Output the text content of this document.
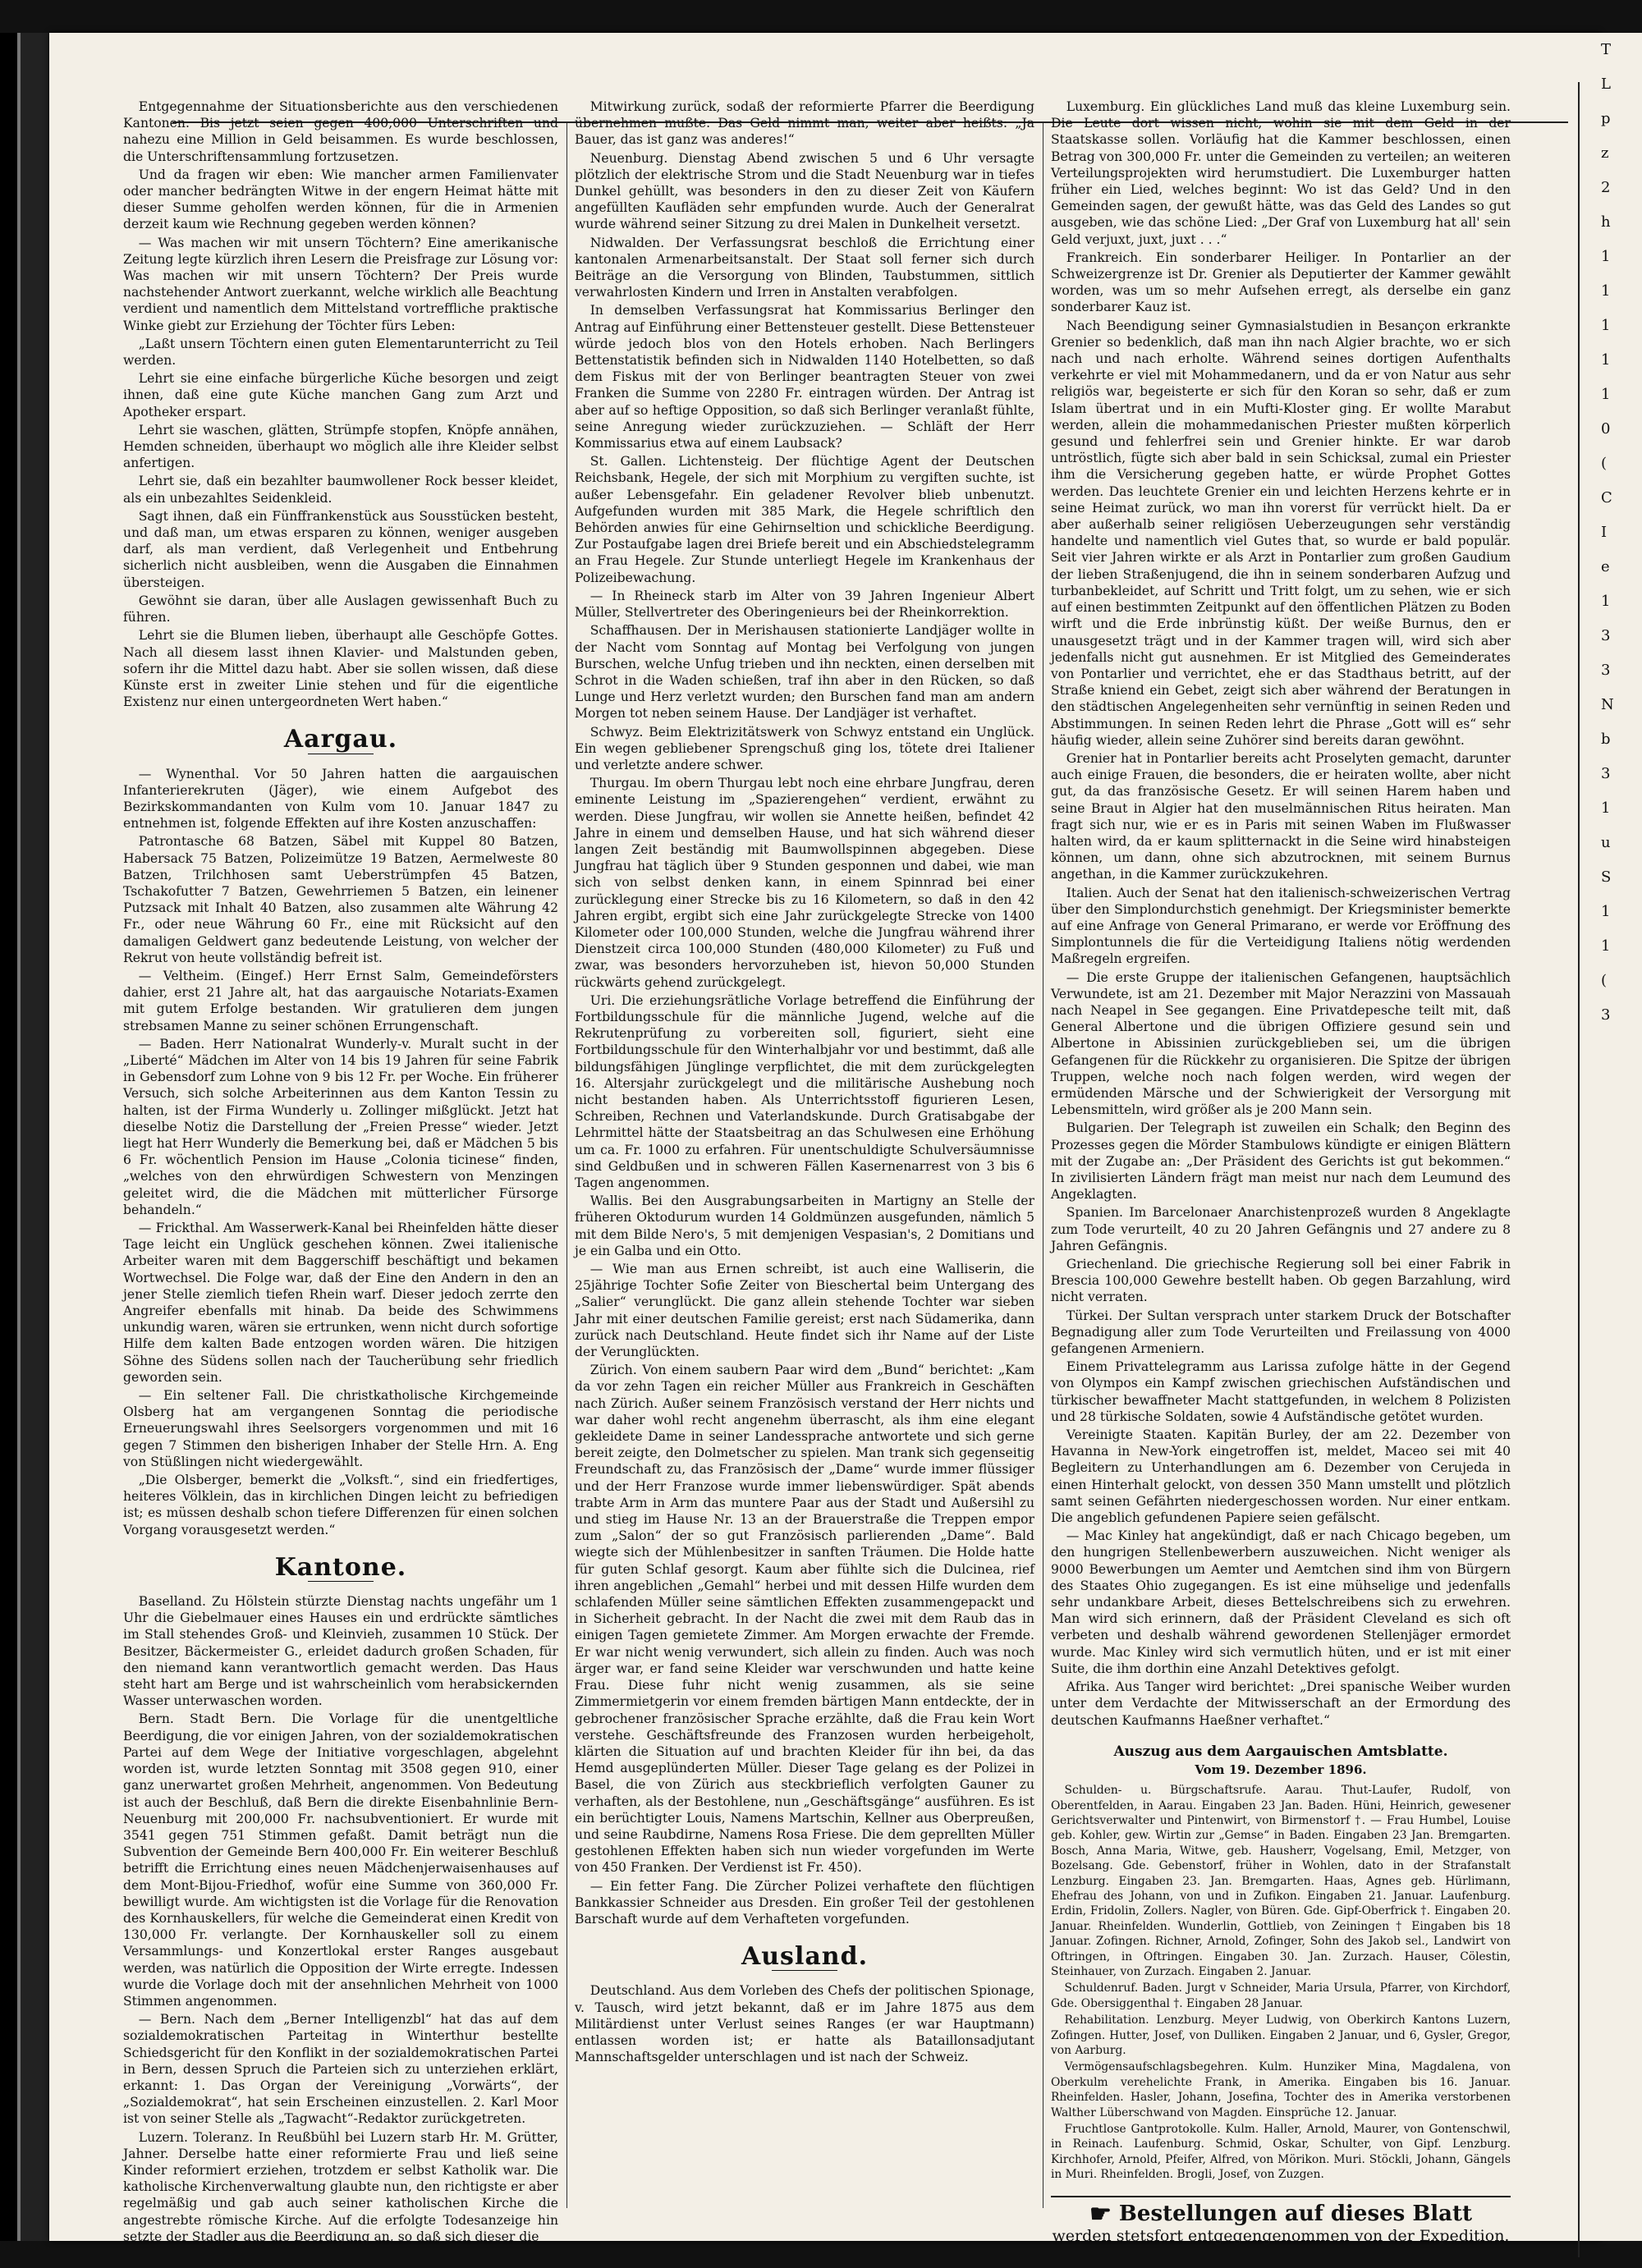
Entgegennahme der Situationsberichte aus den verschiedenen Kantonen. Bis jetzt seien gegen 400,000 Unterschriften und nahezu eine Million in Geld beisammen. Es wurde beschlossen, die Unterschriftensammlung fortzusetzen.

Und da fragen wir eben: Wie mancher armen Familienvater oder mancher bedrängten Witwe in der engern Heimat hätte mit dieser Summe geholfen werden können, für die in Armenien derzeit kaum wie Rechnung gegeben werden können?

— Was machen wir mit unsern Töchtern? Eine amerikanische Zeitung legte kürzlich ihren Lesern die Preisfrage zur Lösung vor: Was machen wir mit unsern Töchtern? Der Preis wurde nachstehender Antwort zuerkannt, welche wirklich alle Beachtung verdient und namentlich dem Mittelstand vortreffliche praktische Winke giebt zur Erziehung der Töchter fürs Leben:

„Laßt unsern Töchtern einen guten Elementarunterricht zu Teil werden.

Lehrt sie eine einfache bürgerliche Küche besorgen und zeigt ihnen, daß eine gute Küche manchen Gang zum Arzt und Apotheker erspart.

Lehrt sie waschen, glätten, Strümpfe stopfen, Knöpfe annähen, Hemden schneiden, überhaupt wo möglich alle ihre Kleider selbst anfertigen.

Lehrt sie, daß ein bezahlter baumwollener Rock besser kleidet, als ein unbezahltes Seidenkleid.

Sagt ihnen, daß ein Fünffrankenstück aus Sousstücken besteht, und daß man, um etwas ersparen zu können, weniger ausgeben darf, als man verdient, daß Verlegenheit und Entbehrung sicherlich nicht ausbleiben, wenn die Ausgaben die Einnahmen übersteigen.

Gewöhnt sie daran, über alle Auslagen gewissenhaft Buch zu führen.

Lehrt sie die Blumen lieben, überhaupt alle Geschöpfe Gottes. Nach all diesem lasst ihnen Klavier- und Malstunden geben, sofern ihr die Mittel dazu habt. Aber sie sollen wissen, daß diese Künste erst in zweiter Linie stehen und für die eigentliche Existenz nur einen untergeordneten Wert haben.“

Aargau.

— Wynenthal. Vor 50 Jahren hatten die aargauischen Infanterierekruten (Jäger), wie einem Aufgebot des Bezirkskommandanten von Kulm vom 10. Januar 1847 zu entnehmen ist, folgende Effekten auf ihre Kosten anzuschaffen:

Patrontasche 68 Batzen, Säbel mit Kuppel 80 Batzen, Habersack 75 Batzen, Polizeimütze 19 Batzen, Aermelweste 80 Batzen, Trilchhosen samt Ueberstrümpfen 45 Batzen, Tschakofutter 7 Batzen, Gewehrriemen 5 Batzen, ein leinener Putzsack mit Inhalt 40 Batzen, also zusammen alte Währung 42 Fr., oder neue Währung 60 Fr., eine mit Rücksicht auf den damaligen Geldwert ganz bedeutende Leistung, von welcher der Rekrut von heute vollständig befreit ist.

— Veltheim. (Eingef.) Herr Ernst Salm, Gemeindeförsters dahier, erst 21 Jahre alt, hat das aargauische Notariats-Examen mit gutem Erfolge bestanden. Wir gratulieren dem jungen strebsamen Manne zu seiner schönen Errungenschaft.

— Baden. Herr Nationalrat Wunderly-v. Muralt sucht in der „Liberté“ Mädchen im Alter von 14 bis 19 Jahren für seine Fabrik in Gebensdorf zum Lohne von 9 bis 12 Fr. per Woche. Ein früherer Versuch, sich solche Arbeiterinnen aus dem Kanton Tessin zu halten, ist der Firma Wunderly u. Zollinger mißglückt. Jetzt hat dieselbe Notiz die Darstellung der „Freien Presse“ wieder. Jetzt liegt hat Herr Wunderly die Bemerkung bei, daß er Mädchen 5 bis 6 Fr. wöchentlich Pension im Hause „Colonia ticinese“ finden, „welches von den ehrwürdigen Schwestern von Menzingen geleitet wird, die die Mädchen mit mütterlicher Fürsorge behandeln.“

— Frickthal. Am Wasserwerk-Kanal bei Rheinfelden hätte dieser Tage leicht ein Unglück geschehen können. Zwei italienische Arbeiter waren mit dem Baggerschiff beschäftigt und bekamen Wortwechsel. Die Folge war, daß der Eine den Andern in den an jener Stelle ziemlich tiefen Rhein warf. Dieser jedoch zerrte den Angreifer ebenfalls mit hinab. Da beide des Schwimmens unkundig waren, wären sie ertrunken, wenn nicht durch sofortige Hilfe dem kalten Bade entzogen worden wären. Die hitzigen Söhne des Südens sollen nach der Taucherübung sehr friedlich geworden sein.

— Ein seltener Fall. Die christkatholische Kirchgemeinde Olsberg hat am vergangenen Sonntag die periodische Erneuerungswahl ihres Seelsorgers vorgenommen und mit 16 gegen 7 Stimmen den bisherigen Inhaber der Stelle Hrn. A. Eng von Stüßlingen nicht wiedergewählt.

„Die Olsberger, bemerkt die „Volksft.“, sind ein friedfertiges, heiteres Völklein, das in kirchlichen Dingen leicht zu befriedigen ist; es müssen deshalb schon tiefere Differenzen für einen solchen Vorgang vorausgesetzt werden.“

Kantone.

Baselland. Zu Hölstein stürzte Dienstag nachts ungefähr um 1 Uhr die Giebelmauer eines Hauses ein und erdrückte sämtliches im Stall stehendes Groß- und Kleinvieh, zusammen 10 Stück. Der Besitzer, Bäckermeister G., erleidet dadurch großen Schaden, für den niemand kann verantwortlich gemacht werden. Das Haus steht hart am Berge und ist wahrscheinlich vom herabsickernden Wasser unterwaschen worden.

Bern. Stadt Bern. Die Vorlage für die unentgeltliche Beerdigung, die vor einigen Jahren, von der sozialdemokratischen Partei auf dem Wege der Initiative vorgeschlagen, abgelehnt worden ist, wurde letzten Sonntag mit 3508 gegen 910, einer ganz unerwartet großen Mehrheit, angenommen. Von Bedeutung ist auch der Beschluß, daß Bern die direkte Eisenbahnlinie Bern-Neuenburg mit 200,000 Fr. nachsubventioniert. Er wurde mit 3541 gegen 751 Stimmen gefaßt. Damit beträgt nun die Subvention der Gemeinde Bern 400,000 Fr. Ein weiterer Beschluß betrifft die Errichtung eines neuen Mädchenjerwaisenhauses auf dem Mont-Bijou-Friedhof, wofür eine Summe von 360,000 Fr. bewilligt wurde. Am wichtigsten ist die Vorlage für die Renovation des Kornhauskellers, für welche die Gemeinderat einen Kredit von 130,000 Fr. verlangte. Der Kornhauskeller soll zu einem Versammlungs- und Konzertlokal erster Ranges ausgebaut werden, was natürlich die Opposition der Wirte erregte. Indessen wurde die Vorlage doch mit der ansehnlichen Mehrheit von 1000 Stimmen angenommen.

— Bern. Nach dem „Berner Intelligenzbl“ hat das auf dem sozialdemokratischen Parteitag in Winterthur bestellte Schiedsgericht für den Konflikt in der sozialdemokratischen Partei in Bern, dessen Spruch die Parteien sich zu unterziehen erklärt, erkannt: 1. Das Organ der Vereinigung „Vorwärts“, der „Sozialdemokrat“, hat sein Erscheinen einzustellen. 2. Karl Moor ist von seiner Stelle als „Tagwacht“-Redaktor zurückgetreten.

Luzern. Toleranz. In Reußbühl bei Luzern starb Hr. M. Grütter, Jahner. Derselbe hatte einer reformierte Frau und ließ seine Kinder reformiert erziehen, trotzdem er selbst Katholik war. Die katholische Kirchenverwaltung glaubte nun, den richtigste er aber regelmäßig und gab auch seiner katholischen Kirche die angestrebte römische Kirche. Auf die erfolgte Todesanzeige hin setzte der Stadler aus die Beerdigung an, so daß sich dieser die

Mitwirkung zurück, sodaß der reformierte Pfarrer die Beerdigung übernehmen mußte. Das Geld nimmt man, weiter aber heißts: „Ja Bauer, das ist ganz was anderes!“

Neuenburg. Dienstag Abend zwischen 5 und 6 Uhr versagte plötzlich der elektrische Strom und die Stadt Neuenburg war in tiefes Dunkel gehüllt, was besonders in den zu dieser Zeit von Käufern angefüllten Kaufläden sehr empfunden wurde. Auch der Generalrat wurde während seiner Sitzung zu drei Malen in Dunkelheit versetzt.

Nidwalden. Der Verfassungsrat beschloß die Errichtung einer kantonalen Armenarbeitsanstalt. Der Staat soll ferner sich durch Beiträge an die Versorgung von Blinden, Taubstummen, sittlich verwahrlosten Kindern und Irren in Anstalten verabfolgen.

In demselben Verfassungsrat hat Kommissarius Berlinger den Antrag auf Einführung einer Bettensteuer gestellt. Diese Bettensteuer würde jedoch blos von den Hotels erhoben. Nach Berlingers Bettenstatistik befinden sich in Nidwalden 1140 Hotelbetten, so daß dem Fiskus mit der von Berlinger beantragten Steuer von zwei Franken die Summe von 2280 Fr. eintragen würden. Der Antrag ist aber auf so heftige Opposition, so daß sich Berlinger veranlaßt fühlte, seine Anregung wieder zurückzuziehen. — Schläft der Herr Kommissarius etwa auf einem Laubsack?

St. Gallen. Lichtensteig. Der flüchtige Agent der Deutschen Reichsbank, Hegele, der sich mit Morphium zu vergiften suchte, ist außer Lebensgefahr. Ein geladener Revolver blieb unbenutzt. Aufgefunden wurden mit 385 Mark, die Hegele schriftlich den Behörden anwies für eine Gehirnseltion und schickliche Beerdigung. Zur Postaufgabe lagen drei Briefe bereit und ein Abschiedstelegramm an Frau Hegele. Zur Stunde unterliegt Hegele im Krankenhaus der Polizeibewachung.

— In Rheineck starb im Alter von 39 Jahren Ingenieur Albert Müller, Stellvertreter des Oberingenieurs bei der Rheinkorrektion.

Schaffhausen. Der in Merishausen stationierte Landjäger wollte in der Nacht vom Sonntag auf Montag bei Verfolgung von jungen Burschen, welche Unfug trieben und ihn neckten, einen derselben mit Schrot in die Waden schießen, traf ihn aber in den Rücken, so daß Lunge und Herz verletzt wurden; den Burschen fand man am andern Morgen tot neben seinem Hause. Der Landjäger ist verhaftet.

Schwyz. Beim Elektrizitätswerk von Schwyz entstand ein Unglück. Ein wegen gebliebener Sprengschuß ging los, tötete drei Italiener und verletzte andere schwer.

Thurgau. Im obern Thurgau lebt noch eine ehrbare Jungfrau, deren eminente Leistung im „Spazierengehen“ verdient, erwähnt zu werden. Diese Jungfrau, wir wollen sie Annette heißen, befindet 42 Jahre in einem und demselben Hause, und hat sich während dieser langen Zeit beständig mit Baumwollspinnen abgegeben. Diese Jungfrau hat täglich über 9 Stunden gesponnen und dabei, wie man sich von selbst denken kann, in einem Spinnrad bei einer zurücklegung einer Strecke bis zu 16 Kilometern, so daß in den 42 Jahren ergibt, ergibt sich eine Jahr zurückgelegte Strecke von 1400 Kilometer oder 100,000 Stunden, welche die Jungfrau während ihrer Dienstzeit circa 100,000 Stunden (480,000 Kilometer) zu Fuß und zwar, was besonders hervorzuheben ist, hievon 50,000 Stunden rückwärts gehend zurückgelegt.

Uri. Die erziehungsrätliche Vorlage betreffend die Einführung der Fortbildungsschule für die männliche Jugend, welche auf die Rekrutenprüfung zu vorbereiten soll, figuriert, sieht eine Fortbildungsschule für den Winterhalbjahr vor und bestimmt, daß alle bildungsfähigen Jünglinge verpflichtet, die mit dem zurückgelegten 16. Altersjahr zurückgelegt und die militärische Aushebung noch nicht bestanden haben. Als Unterrichtsstoff figurieren Lesen, Schreiben, Rechnen und Vaterlandskunde. Durch Gratisabgabe der Lehrmittel hätte der Staatsbeitrag an das Schulwesen eine Erhöhung um ca. Fr. 1000 zu erfahren. Für unentschuldigte Schulversäumnisse sind Geldbußen und in schweren Fällen Kasernenarrest von 3 bis 6 Tagen angenommen.

Wallis. Bei den Ausgrabungsarbeiten in Martigny an Stelle der früheren Oktodurum wurden 14 Goldmünzen ausgefunden, nämlich 5 mit dem Bilde Nero's, 5 mit demjenigen Vespasian's, 2 Domitians und je ein Galba und ein Otto.

— Wie man aus Ernen schreibt, ist auch eine Walliserin, die 25jährige Tochter Sofie Zeiter von Bieschertal beim Untergang des „Salier“ verunglückt. Die ganz allein stehende Tochter war sieben Jahr mit einer deutschen Familie gereist; erst nach Südamerika, dann zurück nach Deutschland. Heute findet sich ihr Name auf der Liste der Verunglückten.

Zürich. Von einem saubern Paar wird dem „Bund“ berichtet: „Kam da vor zehn Tagen ein reicher Müller aus Frankreich in Geschäften nach Zürich. Außer seinem Französisch verstand der Herr nichts und war daher wohl recht angenehm überrascht, als ihm eine elegant gekleidete Dame in seiner Landessprache antwortete und sich gerne bereit zeigte, den Dolmetscher zu spielen. Man trank sich gegenseitig Freundschaft zu, das Französisch der „Dame“ wurde immer flüssiger und der Herr Franzose wurde immer liebenswürdiger. Spät abends trabte Arm in Arm das muntere Paar aus der Stadt und Außersihl zu und stieg im Hause Nr. 13 an der Brauerstraße die Treppen empor zum „Salon“ der so gut Französisch parlierenden „Dame“. Bald wiegte sich der Mühlenbesitzer in sanften Träumen. Die Holde hatte für guten Schlaf gesorgt. Kaum aber fühlte sich die Dulcinea, rief ihren angeblichen „Gemahl“ herbei und mit dessen Hilfe wurden dem schlafenden Müller seine sämtlichen Effekten zusammengepackt und in Sicherheit gebracht. In der Nacht die zwei mit dem Raub das in einigen Tagen gemietete Zimmer. Am Morgen erwachte der Fremde. Er war nicht wenig verwundert, sich allein zu finden. Auch was noch ärger war, er fand seine Kleider war verschwunden und hatte keine Frau. Diese fuhr nicht wenig zusammen, als sie seine Zimmermietgerin vor einem fremden bärtigen Mann entdeckte, der in gebrochener französischer Sprache erzählte, daß die Frau kein Wort verstehe. Geschäftsfreunde des Franzosen wurden herbeigeholt, klärten die Situation auf und brachten Kleider für ihn bei, da das Hemd ausgeplünderten Müller. Dieser Tage gelang es der Polizei in Basel, die von Zürich aus steckbrieflich verfolgten Gauner zu verhaften, als der Bestohlene, nun „Geschäftsgänge“ ausführen. Es ist ein berüchtigter Louis, Namens Martschin, Kellner aus Oberpreußen, und seine Raubdirne, Namens Rosa Friese. Die dem geprellten Müller gestohlenen Effekten haben sich nun wieder vorgefunden im Werte von 450 Franken. Der Verdienst ist Fr. 450).

— Ein fetter Fang. Die Zürcher Polizei verhaftete den flüchtigen Bankkassier Schneider aus Dresden. Ein großer Teil der gestohlenen Barschaft wurde auf dem Verhafteten vorgefunden.

Ausland.

Deutschland. Aus dem Vorleben des Chefs der politischen Spionage, v. Tausch, wird jetzt bekannt, daß er im Jahre 1875 aus dem Militärdienst unter Verlust seines Ranges (er war Hauptmann) entlassen worden ist; er hatte als Bataillonsadjutant Mannschaftsgelder unterschlagen und ist nach der Schweiz.

Luxemburg. Ein glückliches Land muß das kleine Luxemburg sein. Die Leute dort wissen nicht, wohin sie mit dem Geld in der Staatskasse sollen. Vorläufig hat die Kammer beschlossen, einen Betrag von 300,000 Fr. unter die Gemeinden zu verteilen; an weiteren Verteilungsprojekten wird herumstudiert. Die Luxemburger hatten früher ein Lied, welches beginnt: Wo ist das Geld? Und in den Gemeinden sagen, der gewußt hätte, was das Geld des Landes so gut ausgeben, wie das schöne Lied: „Der Graf von Luxemburg hat all' sein Geld verjuxt, juxt, juxt . . .“

Frankreich. Ein sonderbarer Heiliger. In Pontarlier an der Schweizergrenze ist Dr. Grenier als Deputierter der Kammer gewählt worden, was um so mehr Aufsehen erregt, als derselbe ein ganz sonderbarer Kauz ist.

Nach Beendigung seiner Gymnasialstudien in Besançon erkrankte Grenier so bedenklich, daß man ihn nach Algier brachte, wo er sich nach und nach erholte. Während seines dortigen Aufenthalts verkehrte er viel mit Mohammedanern, und da er von Natur aus sehr religiös war, begeisterte er sich für den Koran so sehr, daß er zum Islam übertrat und in ein Mufti-Kloster ging. Er wollte Marabut werden, allein die mohammedanischen Priester mußten körperlich gesund und fehlerfrei sein und Grenier hinkte. Er war darob untröstlich, fügte sich aber bald in sein Schicksal, zumal ein Priester ihm die Versicherung gegeben hatte, er würde Prophet Gottes werden. Das leuchtete Grenier ein und leichten Herzens kehrte er in seine Heimat zurück, wo man ihn vorerst für verrückt hielt. Da er aber außerhalb seiner religiösen Ueberzeugungen sehr verständig handelte und namentlich viel Gutes that, so wurde er bald populär. Seit vier Jahren wirkte er als Arzt in Pontarlier zum großen Gaudium der lieben Straßenjugend, die ihn in seinem sonderbaren Aufzug und turbanbekleidet, auf Schritt und Tritt folgt, um zu sehen, wie er sich auf einen bestimmten Zeitpunkt auf den öffentlichen Plätzen zu Boden wirft und die Erde inbrünstig küßt. Der weiße Burnus, den er unausgesetzt trägt und in der Kammer tragen will, wird sich aber jedenfalls nicht gut ausnehmen. Er ist Mitglied des Gemeinderates von Pontarlier und verrichtet, ehe er das Stadthaus betritt, auf der Straße kniend ein Gebet, zeigt sich aber während der Beratungen in den städtischen Angelegenheiten sehr vernünftig in seinen Reden und Abstimmungen. In seinen Reden lehrt die Phrase „Gott will es“ sehr häufig wieder, allein seine Zuhörer sind bereits daran gewöhnt.

Grenier hat in Pontarlier bereits acht Proselyten gemacht, darunter auch einige Frauen, die besonders, die er heiraten wollte, aber nicht gut, da das französische Gesetz. Er will seinen Harem haben und seine Braut in Algier hat den muselmännischen Ritus heiraten. Man fragt sich nur, wie er es in Paris mit seinen Waben im Flußwasser halten wird, da er kaum splitternackt in die Seine wird hinabsteigen können, um dann, ohne sich abzutrocknen, mit seinem Burnus angethan, in die Kammer zurückzukehren.

Italien. Auch der Senat hat den italienisch-schweizerischen Vertrag über den Simplondurchstich genehmigt. Der Kriegsminister bemerkte auf eine Anfrage von General Primarano, er werde vor Eröffnung des Simplontunnels die für die Verteidigung Italiens nötig werdenden Maßregeln ergreifen.

— Die erste Gruppe der italienischen Gefangenen, hauptsächlich Verwundete, ist am 21. Dezember mit Major Nerazzini von Massauah nach Neapel in See gegangen. Eine Privatdepesche teilt mit, daß General Albertone und die übrigen Offiziere gesund sein und Albertone in Abissinien zurückgeblieben sei, um die übrigen Gefangenen für die Rückkehr zu organisieren. Die Spitze der übrigen Truppen, welche noch nach folgen werden, wird wegen der ermüdenden Märsche und der Schwierigkeit der Versorgung mit Lebensmitteln, wird größer als je 200 Mann sein.

Bulgarien. Der Telegraph ist zuweilen ein Schalk; den Beginn des Prozesses gegen die Mörder Stambulows kündigte er einigen Blättern mit der Zugabe an: „Der Präsident des Gerichts ist gut bekommen.“ In zivilisierten Ländern frägt man meist nur nach dem Leumund des Angeklagten.

Spanien. Im Barcelonaer Anarchistenprozeß wurden 8 Angeklagte zum Tode verurteilt, 40 zu 20 Jahren Gefängnis und 27 andere zu 8 Jahren Gefängnis.

Griechenland. Die griechische Regierung soll bei einer Fabrik in Brescia 100,000 Gewehre bestellt haben. Ob gegen Barzahlung, wird nicht verraten.

Türkei. Der Sultan versprach unter starkem Druck der Botschafter Begnadigung aller zum Tode Verurteilten und Freilassung von 4000 gefangenen Armeniern.

Einem Privattelegramm aus Larissa zufolge hätte in der Gegend von Olympos ein Kampf zwischen griechischen Aufständischen und türkischer bewaffneter Macht stattgefunden, in welchem 8 Polizisten und 28 türkische Soldaten, sowie 4 Aufständische getötet wurden.

Vereinigte Staaten. Kapitän Burley, der am 22. Dezember von Havanna in New-York eingetroffen ist, meldet, Maceo sei mit 40 Begleitern zu Unterhandlungen am 6. Dezember von Cerujeda in einen Hinterhalt gelockt, von dessen 350 Mann umstellt und plötzlich samt seinen Gefährten niedergeschossen worden. Nur einer entkam. Die angeblich gefundenen Papiere seien gefälscht.

— Mac Kinley hat angekündigt, daß er nach Chicago begeben, um den hungrigen Stellenbewerbern auszuweichen. Nicht weniger als 9000 Bewerbungen um Aemter und Aemtchen sind ihm von Bürgern des Staates Ohio zugegangen. Es ist eine mühselige und jedenfalls sehr undankbare Arbeit, dieses Bettelschreibens sich zu erwehren. Man wird sich erinnern, daß der Präsident Cleveland es sich oft verbeten und deshalb während gewordenen Stellenjäger ermordet wurde. Mac Kinley wird sich vermutlich hüten, und er ist mit einer Suite, die ihm dorthin eine Anzahl Detektives gefolgt.

Afrika. Aus Tanger wird berichtet: „Drei spanische Weiber wurden unter dem Verdachte der Mitwisserschaft an der Ermordung des deutschen Kaufmanns Haeßner verhaftet.“

Auszug aus dem Aargauischen Amtsblatte.
Vom 19. Dezember 1896.

Schulden- u. Bürgschaftsrufe. Aarau. Thut-Laufer, Rudolf, von Oberentfelden, in Aarau. Eingaben 23 Jan. Baden. Hüni, Heinrich, gewesener Gerichtsverwalter und Pintenwirt, von Birmenstorf †. — Frau Humbel, Louise geb. Kohler, gew. Wirtin zur „Gemse“ in Baden. Eingaben 23 Jan. Bremgarten. Bosch, Anna Maria, Witwe, geb. Hausherr, Vogelsang, Emil, Metzger, von Bozelsang. Gde. Gebenstorf, früher in Wohlen, dato in der Strafanstalt Lenzburg. Eingaben 23. Jan. Bremgarten. Haas, Agnes geb. Hürlimann, Ehefrau des Johann, von und in Zufikon. Eingaben 21. Januar. Laufenburg. Erdin, Fridolin, Zollers. Nagler, von Büren. Gde. Gipf-Oberfrick †. Eingaben 20. Januar. Rheinfelden. Wunderlin, Gottlieb, von Zeiningen † Eingaben bis 18 Januar. Zofingen. Richner, Arnold, Zofinger, Sohn des Jakob sel., Landwirt von Oftringen, in Oftringen. Eingaben 30. Jan. Zurzach. Hauser, Cölestin, Steinhauer, von Zurzach. Eingaben 2. Januar.

Schuldenruf. Baden. Jurgt v Schneider, Maria Ursula, Pfarrer, von Kirchdorf, Gde. Obersiggenthal †. Eingaben 28 Januar.

Rehabilitation. Lenzburg. Meyer Ludwig, von Oberkirch Kantons Luzern, Zofingen. Hutter, Josef, von Dulliken. Eingaben 2 Januar, und 6, Gysler, Gregor, von Aarburg.

Vermögensaufschlagsbegehren. Kulm. Hunziker Mina, Magdalena, von Oberkulm verehelichte Frank, in Amerika. Eingaben bis 16. Januar. Rheinfelden. Hasler, Johann, Josefina, Tochter des in Amerika verstorbenen Walther Lüberschwand von Magden. Einsprüche 12. Januar.

Fruchtlose Gantprotokolle. Kulm. Haller, Arnold, Maurer, von Gontenschwil, in Reinach. Laufenburg. Schmid, Oskar, Schulter, von Gipf. Lenzburg. Kirchhofer, Arnold, Pfeifer, Alfred, von Mörikon. Muri. Stöckli, Johann, Gängels in Muri. Rheinfelden. Brogli, Josef, von Zuzgen.

☛ Bestellungen auf dieses Blatt
werden stetsfort entgegengenommen von der Expedition.
T
L
p
z
2
h
1
1
1
1
1
0
(
C
I
e
1
3
3
N
b
3
1
u
S
1
1
(
3
